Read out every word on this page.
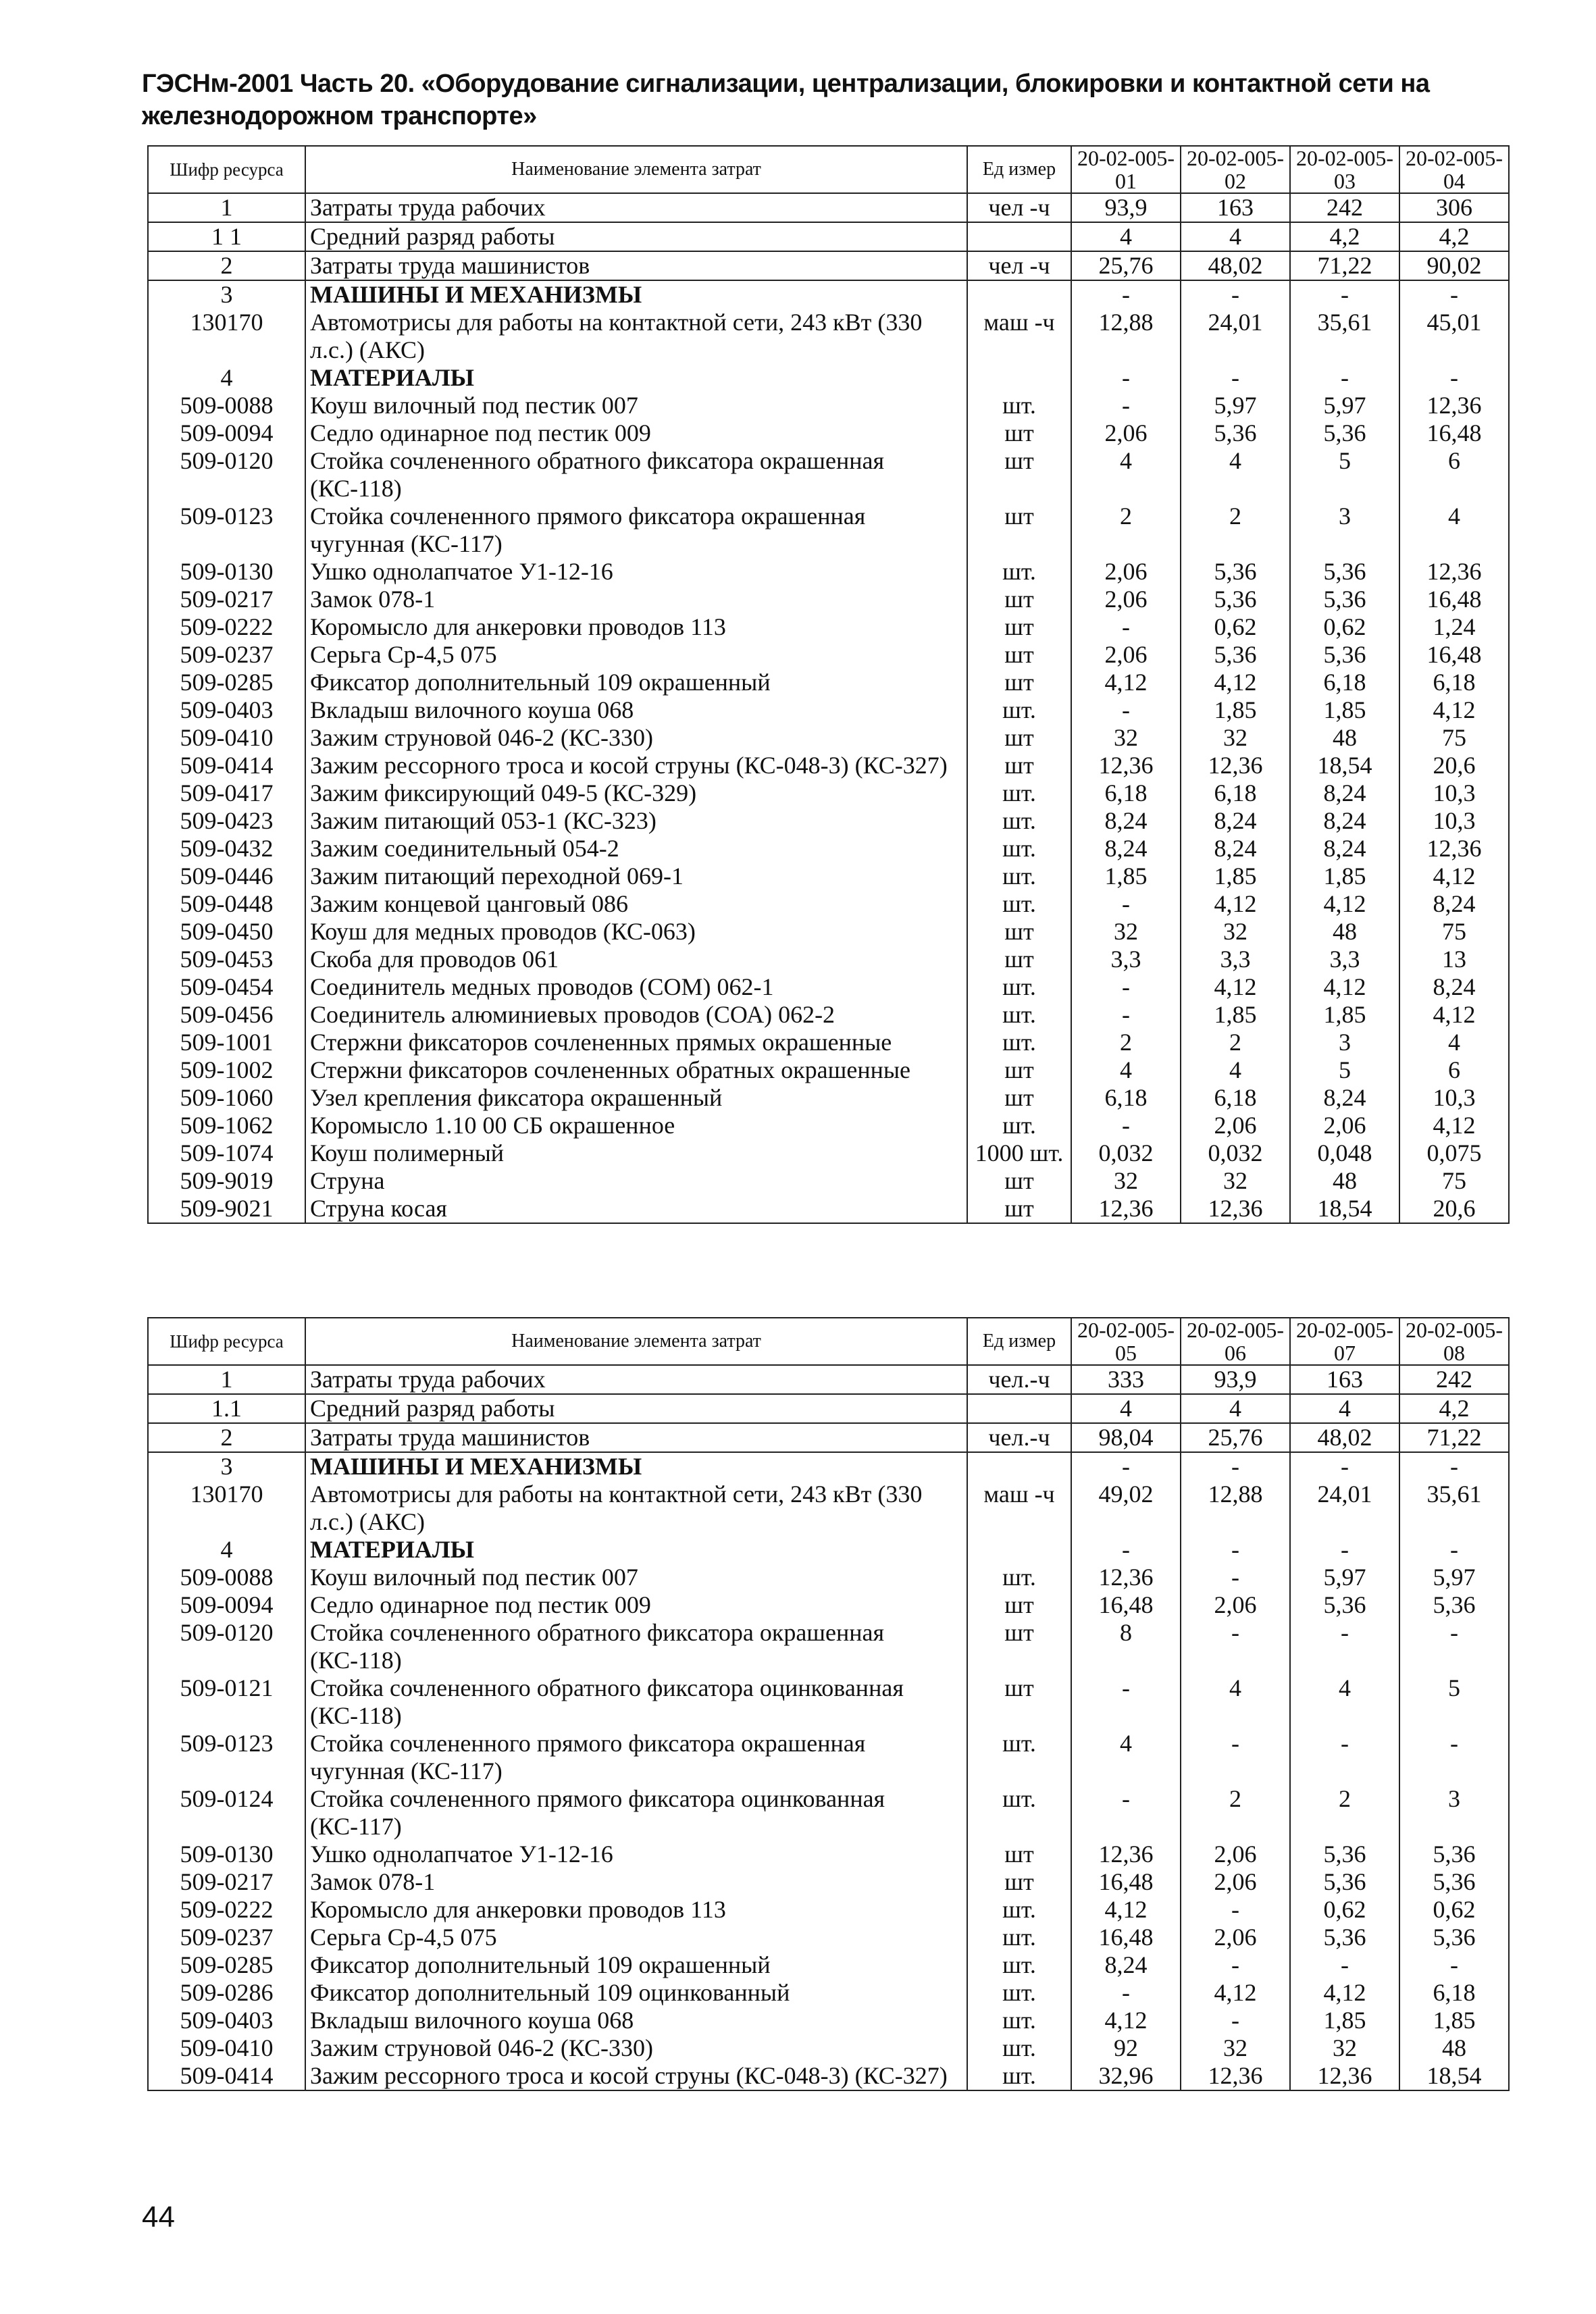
ГЭСНм-2001 Часть 20. «Оборудование сигнализации, централизации, блокировки и контактной сети на железнодорожном транспорте»
Шифр ресурса	Наименование элемента затрат	Ед измер	20-02-005-01	20-02-005-02	20-02-005-03	20-02-005-04
1	Затраты труда рабочих	чел -ч	93,9	163	242	306
1 1	Средний разряд работы		4	4	4,2	4,2
2	Затраты труда машинистов	чел -ч	25,76	48,02	71,22	90,02
3	МАШИНЫ И МЕХАНИЗМЫ		-	-	-	-
130170	Автомотрисы для работы на контактной сети, 243 кВт (330 л.с.) (АКС)	маш -ч	12,88	24,01	35,61	45,01
4	МАТЕРИАЛЫ		-	-	-	-
509-0088	Коуш вилочный под пестик 007	шт.	-	5,97	5,97	12,36
509-0094	Седло одинарное под пестик 009	шт	2,06	5,36	5,36	16,48
509-0120	Стойка сочлененного обратного фиксатора окрашенная (КС-118)	шт	4	4	5	6
509-0123	Стойка сочлененного прямого фиксатора окрашенная чугунная (КС-117)	шт	2	2	3	4
509-0130	Ушко однолапчатое У1-12-16	шт.	2,06	5,36	5,36	12,36
509-0217	Замок 078-1	шт	2,06	5,36	5,36	16,48
509-0222	Коромысло для анкеровки проводов 113	шт	-	0,62	0,62	1,24
509-0237	Серьга Ср-4,5 075	шт	2,06	5,36	5,36	16,48
509-0285	Фиксатор дополнительный 109 окрашенный	шт	4,12	4,12	6,18	6,18
509-0403	Вкладыш вилочного коуша 068	шт.	-	1,85	1,85	4,12
509-0410	Зажим струновой 046-2 (КС-330)	шт	32	32	48	75
509-0414	Зажим рессорного троса и косой струны (КС-048-3) (КС-327)	шт	12,36	12,36	18,54	20,6
509-0417	Зажим фиксирующий 049-5 (КС-329)	шт.	6,18	6,18	8,24	10,3
509-0423	Зажим питающий 053-1 (КС-323)	шт.	8,24	8,24	8,24	10,3
509-0432	Зажим соединительный 054-2	шт.	8,24	8,24	8,24	12,36
509-0446	Зажим питающий переходной 069-1	шт.	1,85	1,85	1,85	4,12
509-0448	Зажим концевой цанговый 086	шт.	-	4,12	4,12	8,24
509-0450	Коуш для медных проводов (КС-063)	шт	32	32	48	75
509-0453	Скоба для проводов 061	шт	3,3	3,3	3,3	13
509-0454	Соединитель медных проводов (СОМ) 062-1	шт.	-	4,12	4,12	8,24
509-0456	Соединитель алюминиевых проводов (СОА) 062-2	шт.	-	1,85	1,85	4,12
509-1001	Стержни фиксаторов сочлененных прямых окрашенные	шт.	2	2	3	4
509-1002	Стержни фиксаторов сочлененных обратных окрашенные	шт	4	4	5	6
509-1060	Узел крепления фиксатора окрашенный	шт	6,18	6,18	8,24	10,3
509-1062	Коромысло 1.10 00 СБ окрашенное	шт.	-	2,06	2,06	4,12
509-1074	Коуш полимерный	1000 шт.	0,032	0,032	0,048	0,075
509-9019	Струна	шт	32	32	48	75
509-9021	Струна косая	шт	12,36	12,36	18,54	20,6
Шифр ресурса	Наименование элемента затрат	Ед измер	20-02-005-05	20-02-005-06	20-02-005-07	20-02-005-08
1	Затраты труда рабочих	чел.-ч	333	93,9	163	242
1.1	Средний разряд работы		4	4	4	4,2
2	Затраты труда машинистов	чел.-ч	98,04	25,76	48,02	71,22
3	МАШИНЫ И МЕХАНИЗМЫ		-	-	-	-
130170	Автомотрисы для работы на контактной сети, 243 кВт (330 л.с.) (АКС)	маш -ч	49,02	12,88	24,01	35,61
4	МАТЕРИАЛЫ		-	-	-	-
509-0088	Коуш вилочный под пестик 007	шт.	12,36	-	5,97	5,97
509-0094	Седло одинарное под пестик 009	шт	16,48	2,06	5,36	5,36
509-0120	Стойка сочлененного обратного фиксатора окрашенная (КС-118)	шт	8	-	-	-
509-0121	Стойка сочлененного обратного фиксатора оцинкованная (КС-118)	шт	-	4	4	5
509-0123	Стойка сочлененного прямого фиксатора окрашенная чугунная (КС-117)	шт.	4	-	-	-
509-0124	Стойка сочлененного прямого фиксатора оцинкованная (КС-117)	шт.	-	2	2	3
509-0130	Ушко однолапчатое У1-12-16	шт	12,36	2,06	5,36	5,36
509-0217	Замок 078-1	шт	16,48	2,06	5,36	5,36
509-0222	Коромысло для анкеровки проводов 113	шт.	4,12	-	0,62	0,62
509-0237	Серьга Ср-4,5 075	шт.	16,48	2,06	5,36	5,36
509-0285	Фиксатор дополнительный 109 окрашенный	шт.	8,24	-	-	-
509-0286	Фиксатор дополнительный 109 оцинкованный	шт.	-	4,12	4,12	6,18
509-0403	Вкладыш вилочного коуша 068	шт.	4,12	-	1,85	1,85
509-0410	Зажим струновой 046-2 (КС-330)	шт.	92	32	32	48
509-0414	Зажим рессорного троса и косой струны (КС-048-3) (КС-327)	шт.	32,96	12,36	12,36	18,54
44
